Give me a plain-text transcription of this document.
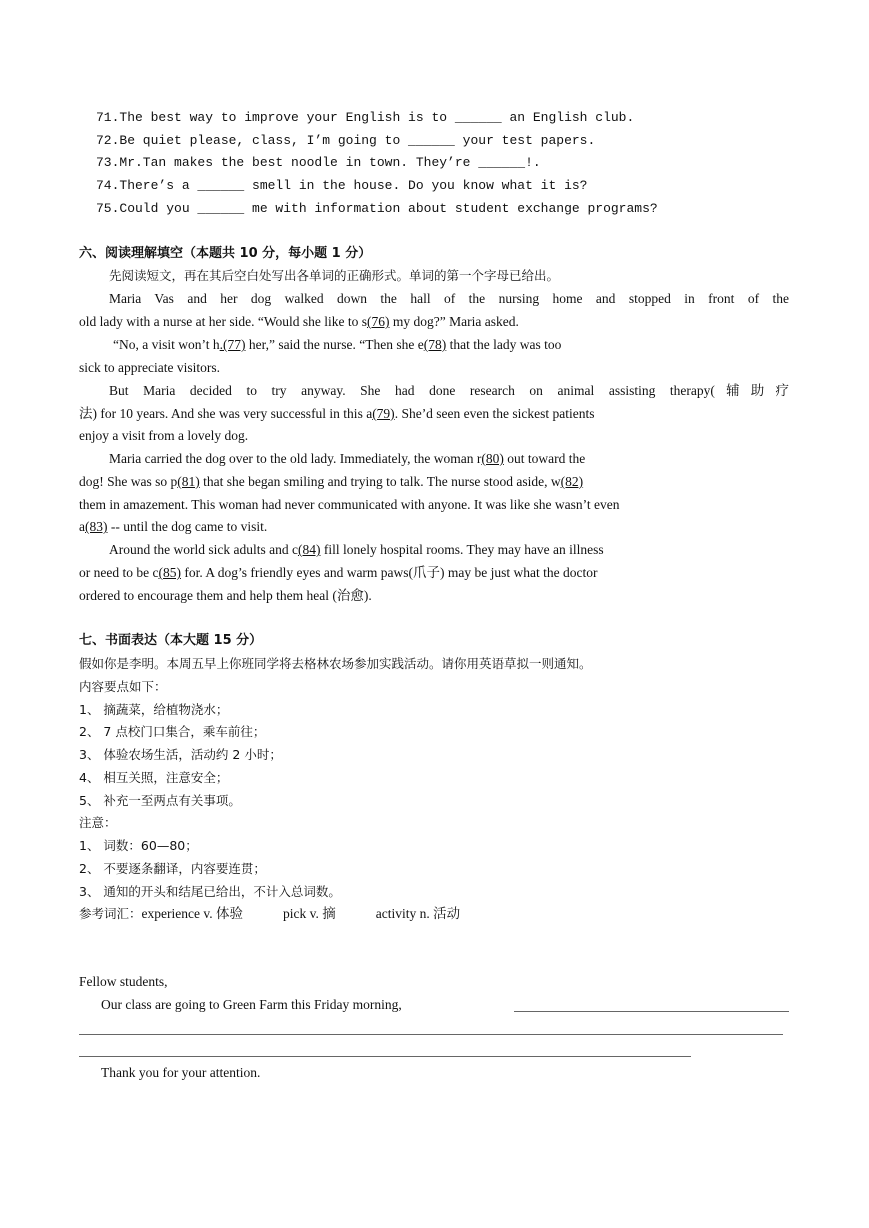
71.The best way to improve your English is to ______ an English club.
72.Be quiet please, class, I’m going to ______ your test papers.
73.Mr.Tan makes the best noodle in town. They’re ______!.
74.There’s a ______ smell in the house. Do you know what it is?
75.Could you ______ me with information about student exchange programs?
六、阅读理解填空（本题共 10 分，每小题 1 分）
先阅读短文，再在其后空白处写出各单词的正确形式。单词的第一个字母已给出。
Maria Vas and her dog walked down the hall of the nursing home and stopped in front of the
old lady with a nurse at her side. “Would she like to s(76) my dog?” Maria asked.
“No, a visit won’t h.(77) her,” said the nurse. “Then she e(78) that the lady was too
sick to appreciate visitors.
But Maria decided to try anyway. She had done research on animal assisting therapy(辅助疗
法) for 10 years. And she was very successful in this a(79). She’d seen even the sickest patients
enjoy a visit from a lovely dog.
Maria carried the dog over to the old lady. Immediately, the woman r(80) out toward the
dog! She was so p(81) that she began smiling and trying to talk. The nurse stood aside, w(82)
them in amazement. This woman had never communicated with anyone. It was like she wasn’t even
a(83) -- until the dog came to visit.
Around the world sick adults and c(84) fill lonely hospital rooms. They may have an illness
or need to be c(85) for. A dog’s friendly eyes and warm paws(爪子) may be just what the doctor
ordered to encourage them and help them heal (治愈).
七、书面表达（本大题 15 分）
假如你是李明。本周五早上你班同学将去格林农场参加实践活动。请你用英语草拟一则通知。
内容要点如下：
1、 摘蔬菜，给植物浇水；
2、 7 点校门口集合，乘车前往；
3、 体验农场生活，活动约 2 小时；
4、 相互关照，注意安全；
5、 补充一至两点有关事项。
注意：
1、 词数：60—80；
2、 不要逐条翻译，内容要连贯；
3、 通知的开头和结尾已给出，不计入总词数。
参考词汇：experience v. 体验	pick v. 摘	activity n. 活动
Fellow students,
Our class are going to Green Farm this Friday morning,
Thank you for your attention.
